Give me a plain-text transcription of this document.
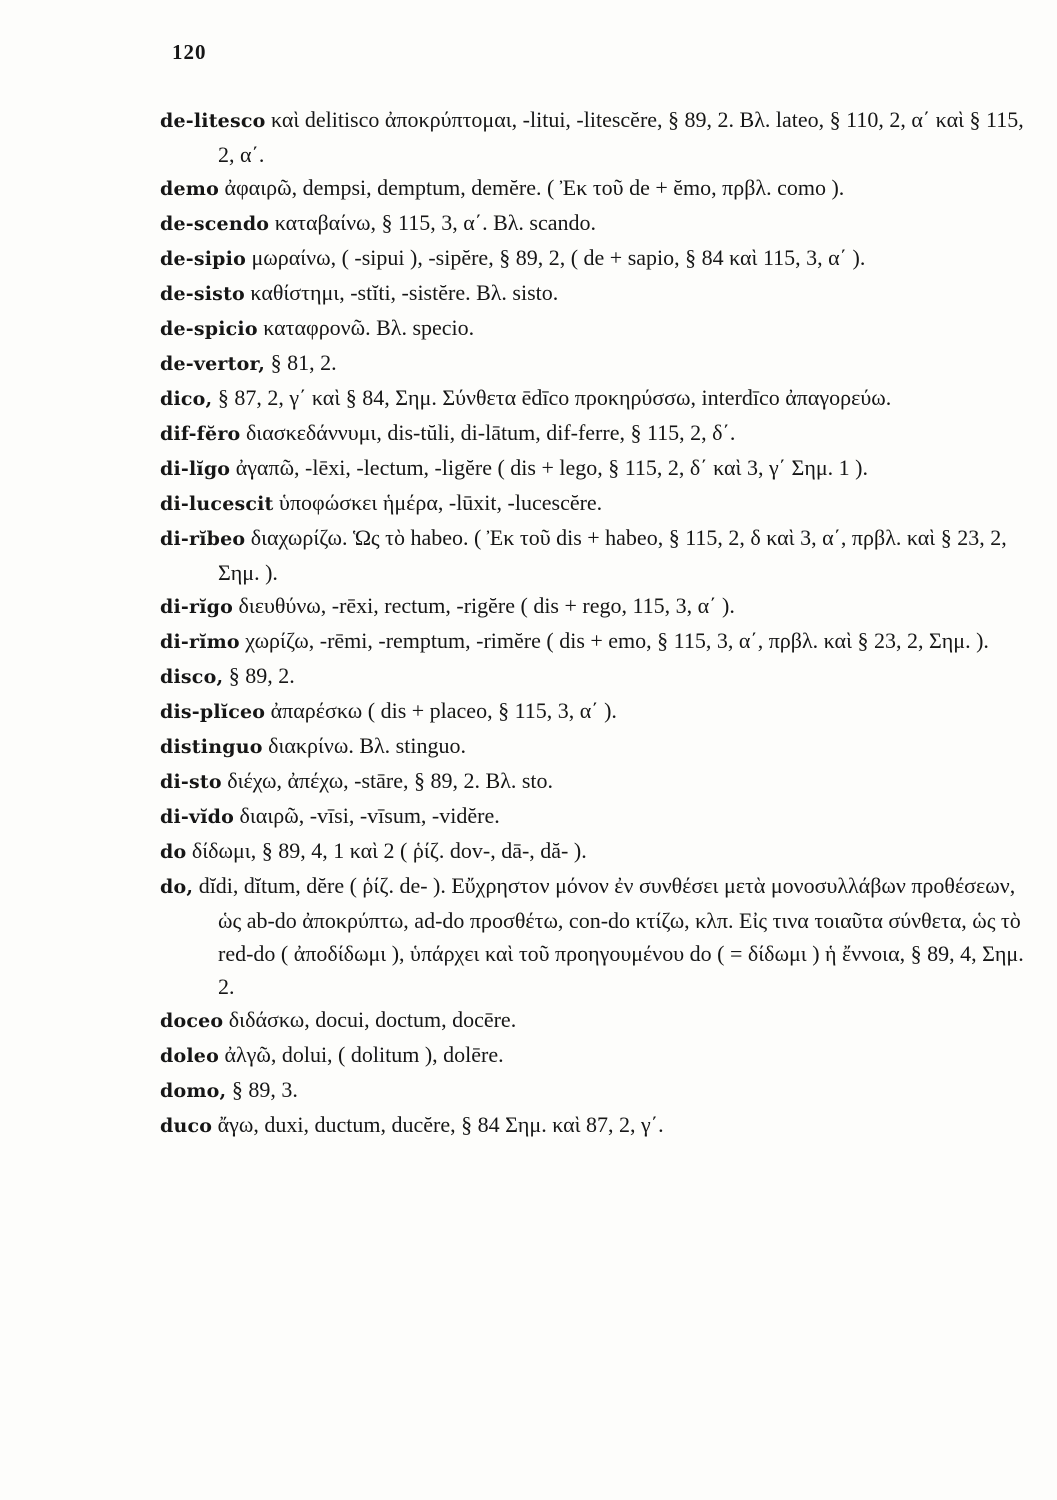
120

de-litesco καὶ delitisco ἀποκρύπτομαι, -litui, -litescĕre, § 89, 2. Βλ. lateo, § 110, 2, α΄ καὶ § 115, 2, α΄.

demo ἀφαιρῶ, dempsi, demptum, demĕre. ( Ἐκ τοῦ de + ĕmo, πρβλ. como ).

de-scendo καταβαίνω, § 115, 3, α΄. Βλ. scando.

de-sipio μωραίνω, ( -sipui ), -sipĕre, § 89, 2, ( de + sapio, § 84 καὶ 115, 3, α΄ ).

de-sisto καθίστημι, -stĭti, -sistĕre. Βλ. sisto.

de-spicio καταφρονῶ. Βλ. specio.

de-vertor, § 81, 2.

dico, § 87, 2, γ΄ καὶ § 84, Σημ. Σύνθετα ēdīco προκηρύσσω, interdīco ἀπαγορεύω.

dif-fĕro διασκεδάννυμι, dis-tŭli, di-lātum, dif-ferre, § 115, 2, δ΄.

di-lĭgo ἀγαπῶ, -lēxi, -lectum, -ligĕre ( dis + lego, § 115, 2, δ΄ καὶ 3, γ΄ Σημ. 1 ).

di-lucescit ὑποφώσκει ἡμέρα, -lūxit, -lucescĕre.

di-rĭbeo διαχωρίζω. Ὡς τὸ habeo. ( Ἐκ τοῦ dis + habeo, § 115, 2, δ καὶ 3, α΄, πρβλ. καὶ § 23, 2, Σημ. ).

di-rĭgo διευθύνω, -rēxi, rectum, -rigĕre ( dis + rego, 115, 3, α΄ ).

di-rĭmo χωρίζω, -rēmi, -remptum, -rimĕre ( dis + emo, § 115, 3, α΄, πρβλ. καὶ § 23, 2, Σημ. ).

disco, § 89, 2.

dis-plĭceo ἀπαρέσκω ( dis + placeo, § 115, 3, α΄ ).

distinguo διακρίνω. Βλ. stinguo.

di-sto διέχω, ἀπέχω, -stāre, § 89, 2. Βλ. sto.

di-vĭdo διαιρῶ, -vīsi, -vīsum, -vidĕre.

do δίδωμι, § 89, 4, 1 καὶ 2 ( ῥίζ. dov-, dā-, dă- ).

do, dĭdi, dĭtum, dĕre ( ῥίζ. de- ). Εὔχρηστον μόνον ἐν συνθέσει μετὰ μονοσυλλάβων προθέσεων, ὡς ab-do ἀποκρύπτω, ad-do προσθέτω, con-do κτίζω, κλπ. Εἰς τινα τοιαῦτα σύνθετα, ὡς τὸ red-do ( ἀποδίδωμι ), ὑπάρχει καὶ τοῦ προηγουμένου do ( = δίδωμι ) ἡ ἔννοια, § 89, 4, Σημ. 2.

doceo διδάσκω, docui, doctum, docēre.

doleo ἀλγῶ, dolui, ( dolitum ), dolēre.

domo, § 89, 3.

duco ἄγω, duxi, ductum, ducĕre, § 84 Σημ. καὶ 87, 2, γ΄.
